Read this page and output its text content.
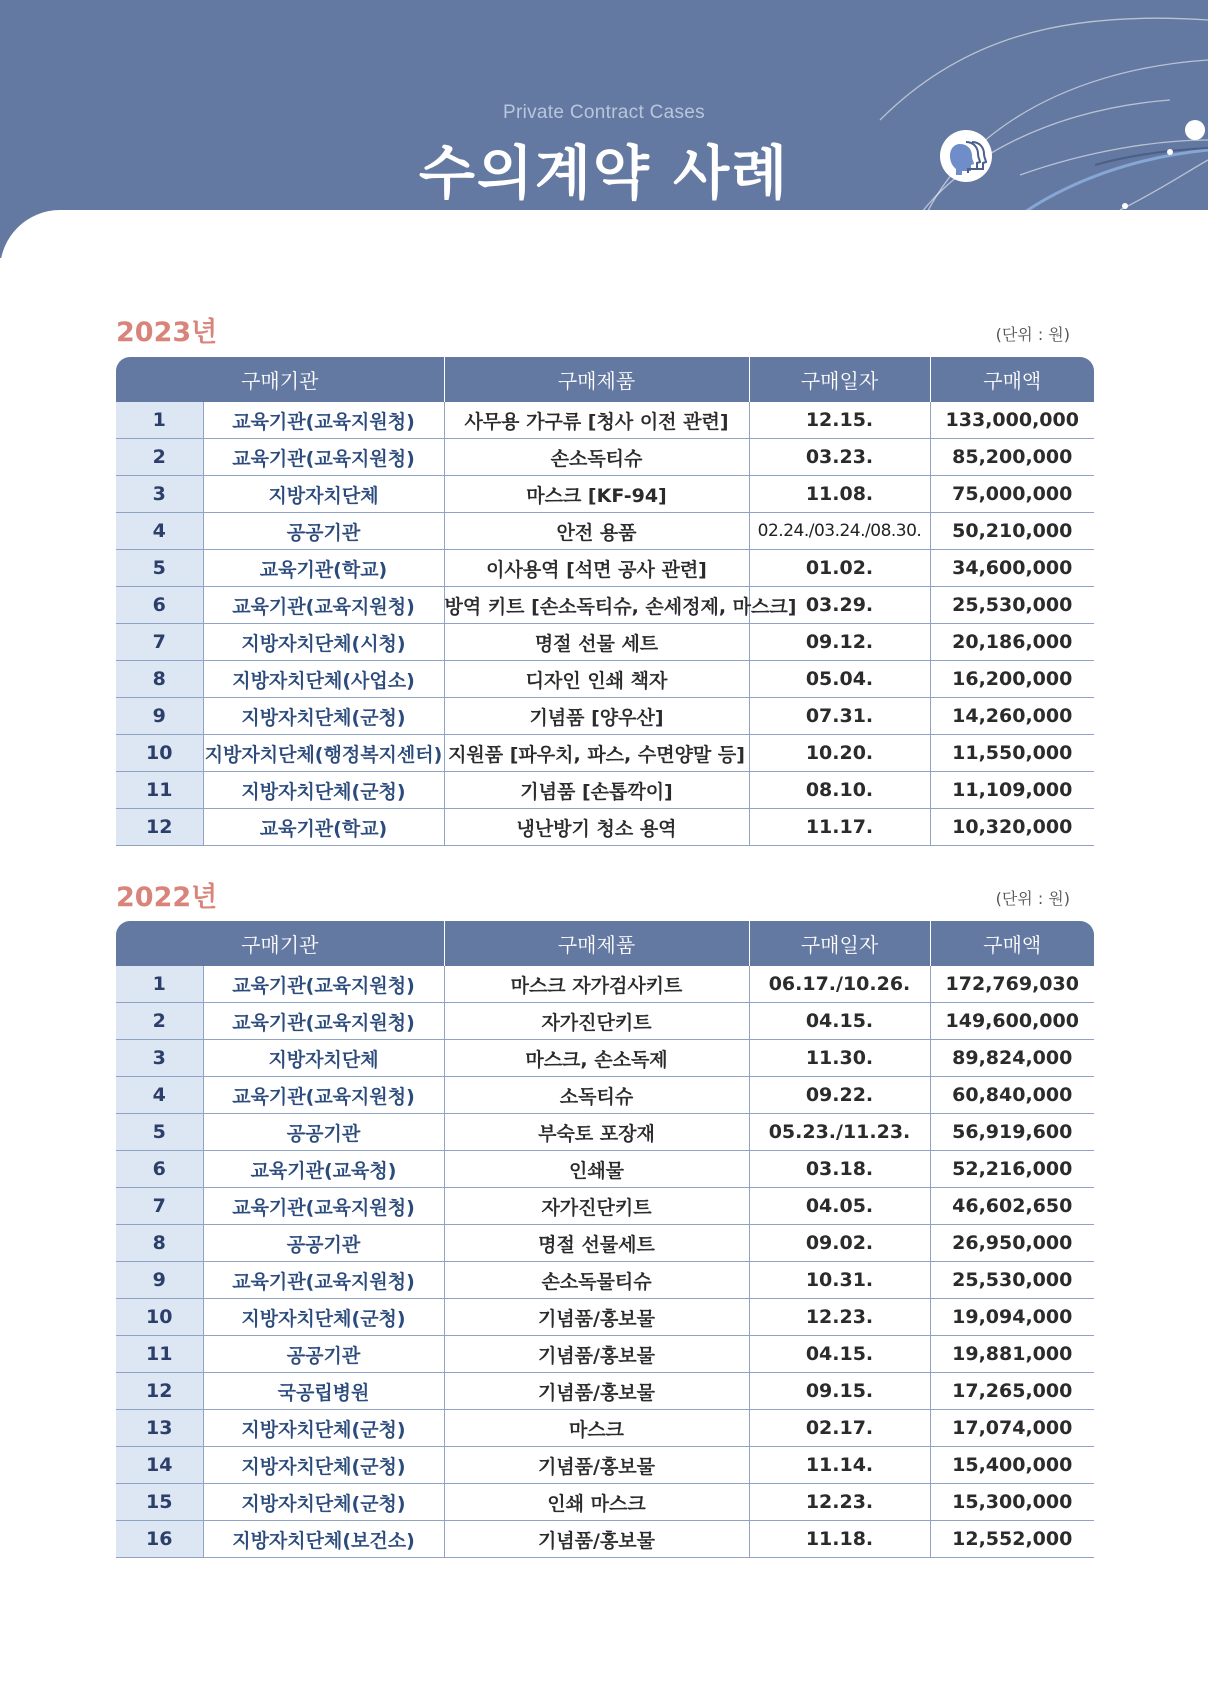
Private Contract Cases
수의계약 사례
2023년	(단위 : 원)
구매기관		구매제품	구매일자	구매액
1	교육기관(교육지원청)	사무용 가구류 [청사 이전 관련]	12.15.	133,000,000
2	교육기관(교육지원청)	손소독티슈	03.23.	85,200,000
3	지방자치단체	마스크 [KF-94]	11.08.	75,000,000
4	공공기관	안전 용품	02.24./03.24./08.30.	50,210,000
5	교육기관(학교)	이사용역 [석면 공사 관련]	01.02.	34,600,000
6	교육기관(교육지원청)	방역 키트 [손소독티슈, 손세정제, 마스크]	03.29.	25,530,000
7	지방자치단체(시청)	명절 선물 세트	09.12.	20,186,000
8	지방자치단체(사업소)	디자인 인쇄 책자	05.04.	16,200,000
9	지방자치단체(군청)	기념품 [양우산]	07.31.	14,260,000
10	지방자치단체(행정복지센터)	지원품 [파우치, 파스, 수면양말 등]	10.20.	11,550,000
11	지방자치단체(군청)	기념품 [손톱깍이]	08.10.	11,109,000
12	교육기관(학교)	냉난방기 청소 용역	11.17.	10,320,000
2022년	(단위 : 원)
구매기관		구매제품	구매일자	구매액
1	교육기관(교육지원청)	마스크 자가검사키트	06.17./10.26.	172,769,030
2	교육기관(교육지원청)	자가진단키트	04.15.	149,600,000
3	지방자치단체	마스크, 손소독제	11.30.	89,824,000
4	교육기관(교육지원청)	소독티슈	09.22.	60,840,000
5	공공기관	부숙토 포장재	05.23./11.23.	56,919,600
6	교육기관(교육청)	인쇄물	03.18.	52,216,000
7	교육기관(교육지원청)	자가진단키트	04.05.	46,602,650
8	공공기관	명절 선물세트	09.02.	26,950,000
9	교육기관(교육지원청)	손소독물티슈	10.31.	25,530,000
10	지방자치단체(군청)	기념품/홍보물	12.23.	19,094,000
11	공공기관	기념품/홍보물	04.15.	19,881,000
12	국공립병원	기념품/홍보물	09.15.	17,265,000
13	지방자치단체(군청)	마스크	02.17.	17,074,000
14	지방자치단체(군청)	기념품/홍보물	11.14.	15,400,000
15	지방자치단체(군청)	인쇄 마스크	12.23.	15,300,000
16	지방자치단체(보건소)	기념품/홍보물	11.18.	12,552,000
